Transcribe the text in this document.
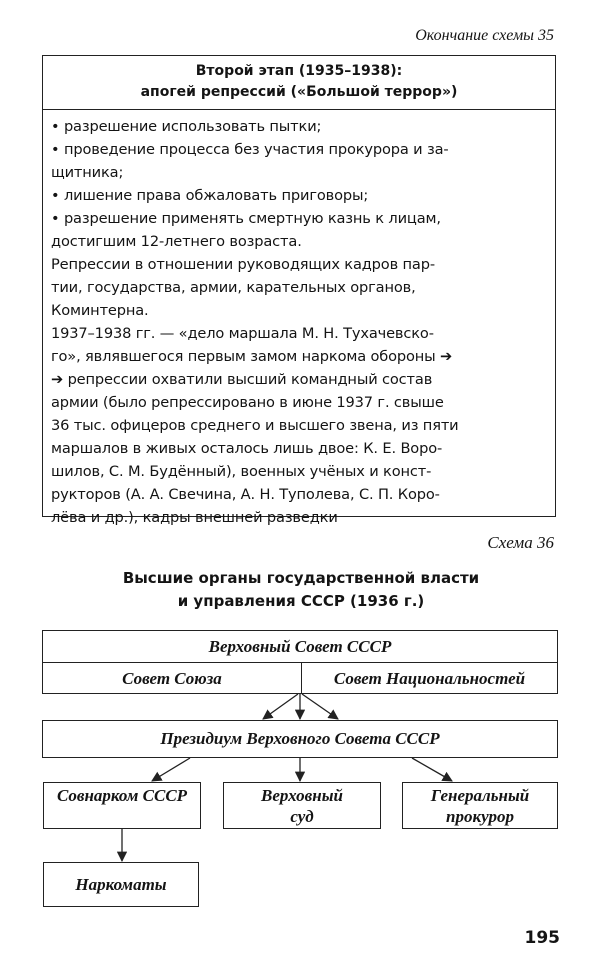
Окончание схемы 35
Второй этап (1935–1938):
апогей репрессий («Большой террор»)

• разрешение использовать пытки;

• проведение процесса без участия прокурора и за-

щитника;

• лишение права обжаловать приговоры;

• разрешение применять смертную казнь к лицам,

достигшим 12-летнего возраста.

Репрессии в отношении руководящих кадров пар-

тии, государства, армии, карательных органов,

Коминтерна.

1937–1938 гг. — «дело маршала М. Н. Тухачевско-

го», являвшегося первым замом наркома обороны ➔

➔ репрессии охватили высший командный состав

армии (было репрессировано в июне 1937 г. свыше

36 тыс. офицеров среднего и высшего звена, из пяти

маршалов в живых осталось лишь двое: К. Е. Воро-

шилов, С. М. Будённый), военных учёных и конст-

рукторов (А. А. Свечина, А. Н. Туполева, С. П. Коро-

лёва и др.), кадры внешней разведки

Схема 36
Высшие органы государственной власти
и управления СССР (1936 г.)
Верховный Совет СССР
Совет Союза	Совет Национальностей
Президиум Верховного Совета СССР
Совнарком СССР	Верховный суд
Генеральный прокурор
Наркоматы
195
